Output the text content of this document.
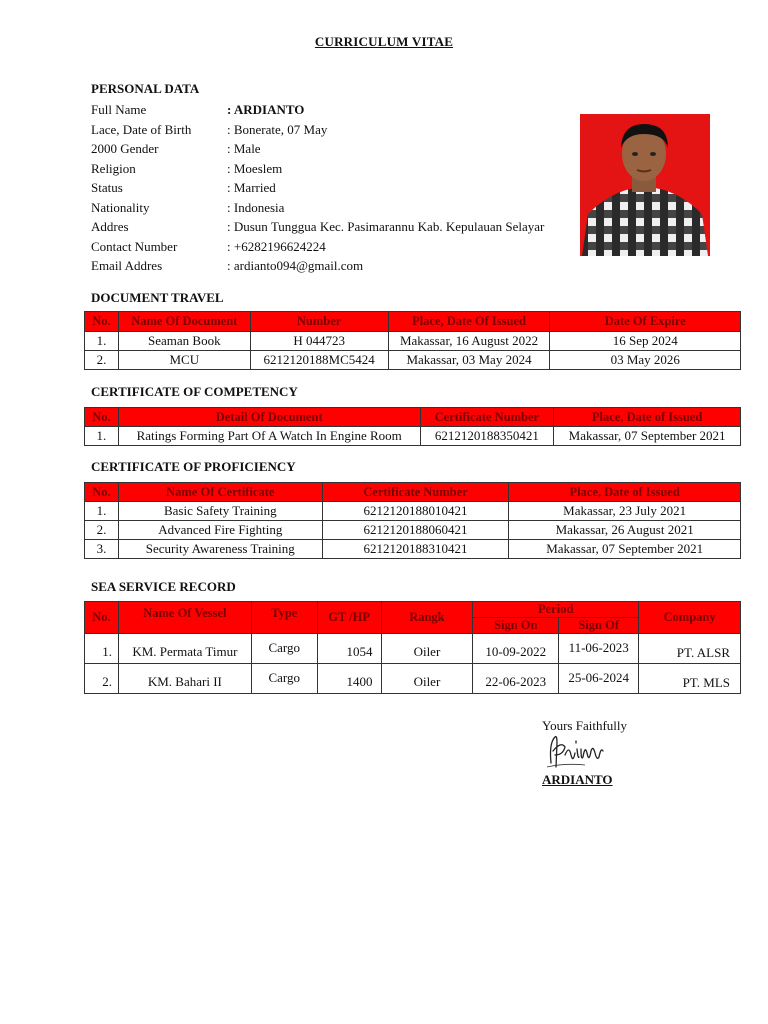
CURRICULUM VITAE
PERSONAL DATA
Full Name	: ARDIANTO
Lace, Date of Birth	: Bonerate, 07 May
2000 Gender	: Male
Religion	: Moeslem
Status	: Married
Nationality	: Indonesia
Addres	: Dusun Tunggua Kec. Pasimarannu Kab. Kepulauan Selayar
Contact Number	: +6282196624224
Email Addres	: ardianto094@gmail.com
DOCUMENT TRAVEL
No.	Name Of Document	Number	Place, Date Of Issued	Date Of Expire
1.	Seaman Book	H 044723	Makassar, 16 August 2022	16 Sep 2024
2.	MCU	6212120188MC5424	Makassar, 03 May 2024	03 May 2026
CERTIFICATE OF COMPETENCY
No.	Detail Of Document	Certificate Number	Place, Date of Issued
1.	Ratings Forming Part Of A Watch In Engine Room	6212120188350421	Makassar, 07 September 2021
CERTIFICATE OF PROFICIENCY
No.	Name Of Certificate	Certificate Number	Place, Date of Issued
1.	Basic Safety Training	6212120188010421	Makassar, 23 July 2021
2.	Advanced Fire Fighting	6212120188060421	Makassar, 26 August 2021
3.	Security Awareness Training	6212120188310421	Makassar, 07 September 2021
SEA SERVICE RECORD
No.	Name Of Vessel	Type	GT /HP	Rangk	Period		Company
					Sign On	Sign Of	
1.	KM. Permata Timur	Cargo	1054	Oiler	10-09-2022	11-06-2023	PT. ALSR
2.	KM. Bahari II	Cargo	1400	Oiler	22-06-2023	25-06-2024	PT. MLS
Yours Faithfully
ARDIANTO
